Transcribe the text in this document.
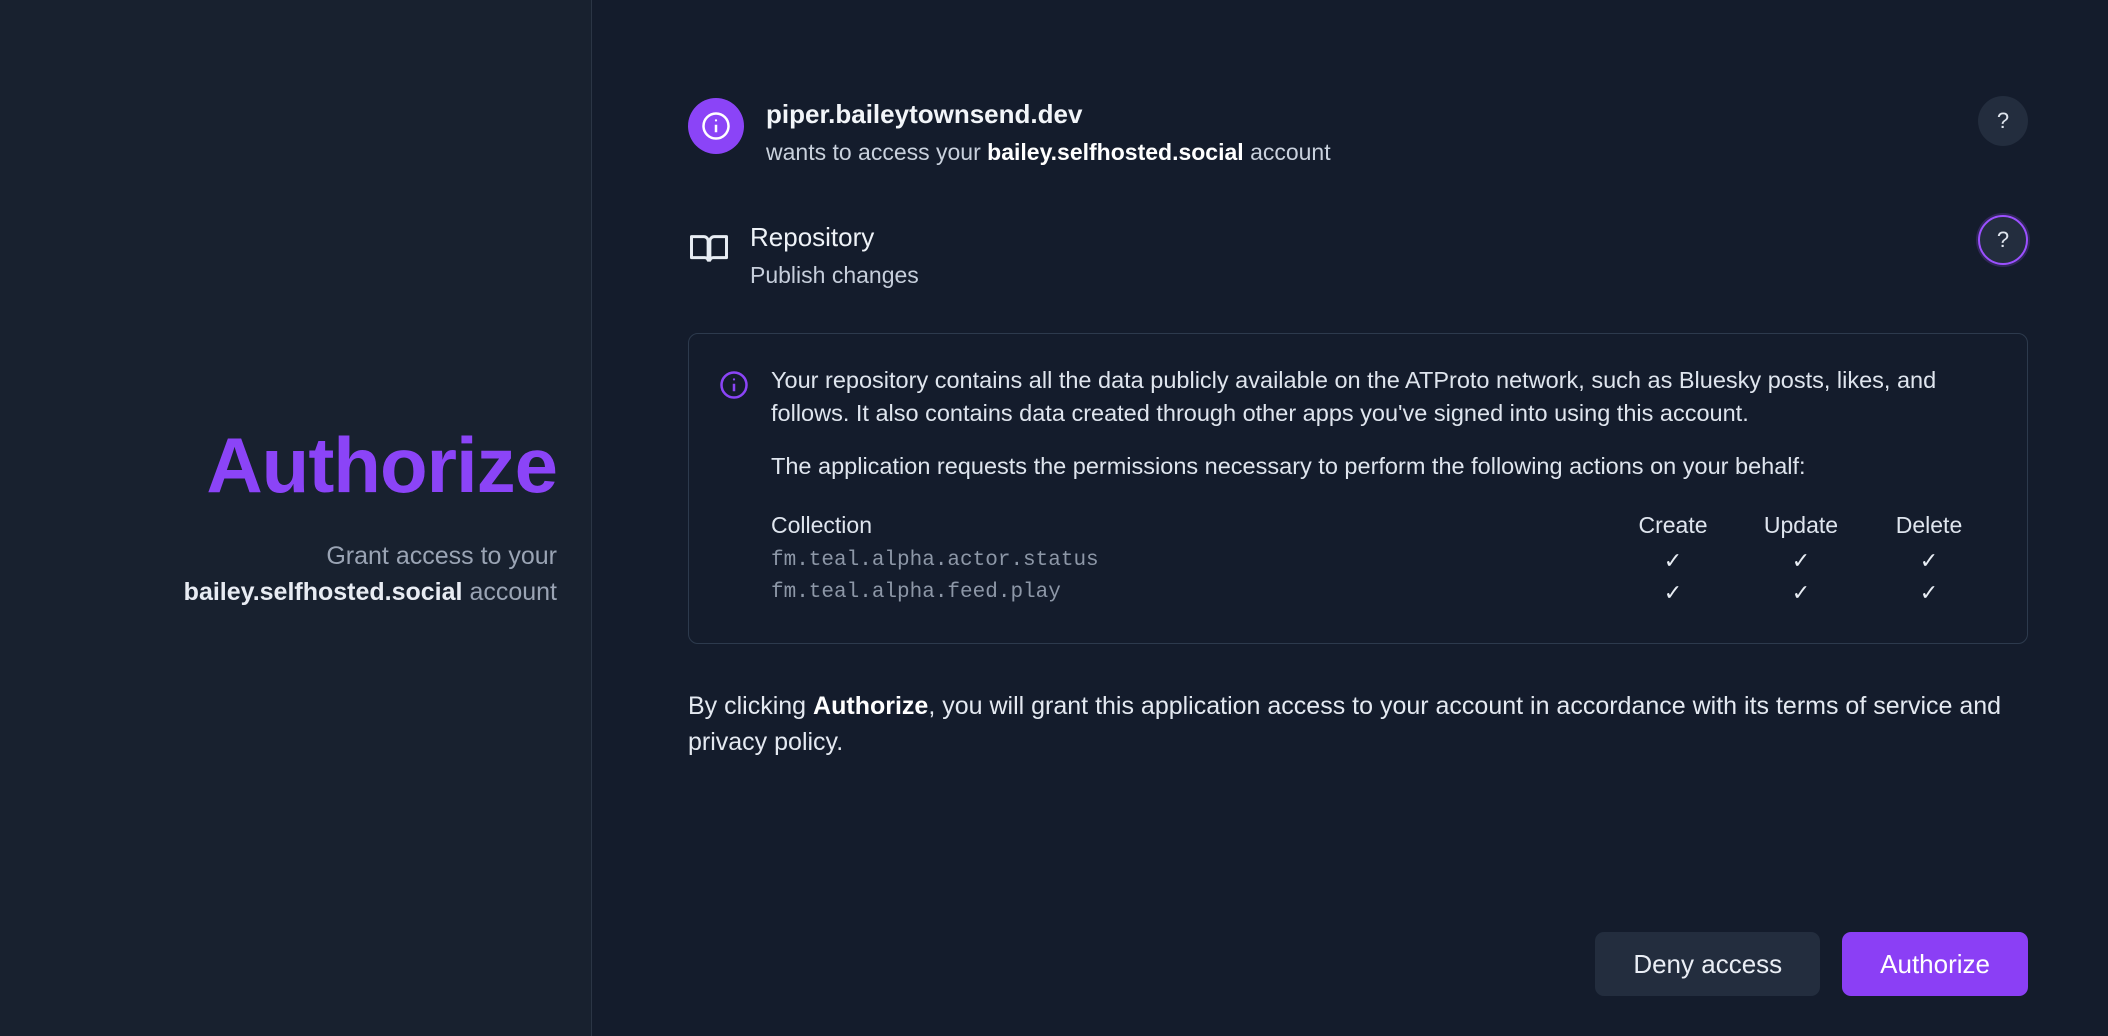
Authorize
Grant access to your
bailey.selfhosted.social account
piper.baileytownsend.dev
wants to access your bailey.selfhosted.social account
?
?
Repository
Publish changes

Your repository contains all the data publicly available on the ATProto network, such as Bluesky posts, likes, and follows. It also contains data created through other apps you've signed into using this account.

The application requests the permissions necessary to perform the following actions on your behalf:

Collection	Create	Update	Delete
fm.teal.alpha.actor.status	✓	✓	✓
fm.teal.alpha.feed.play	✓	✓	✓

By clicking Authorize, you will grant this application access to your account in accordance with its terms of service and privacy policy.

Deny access	Authorize
